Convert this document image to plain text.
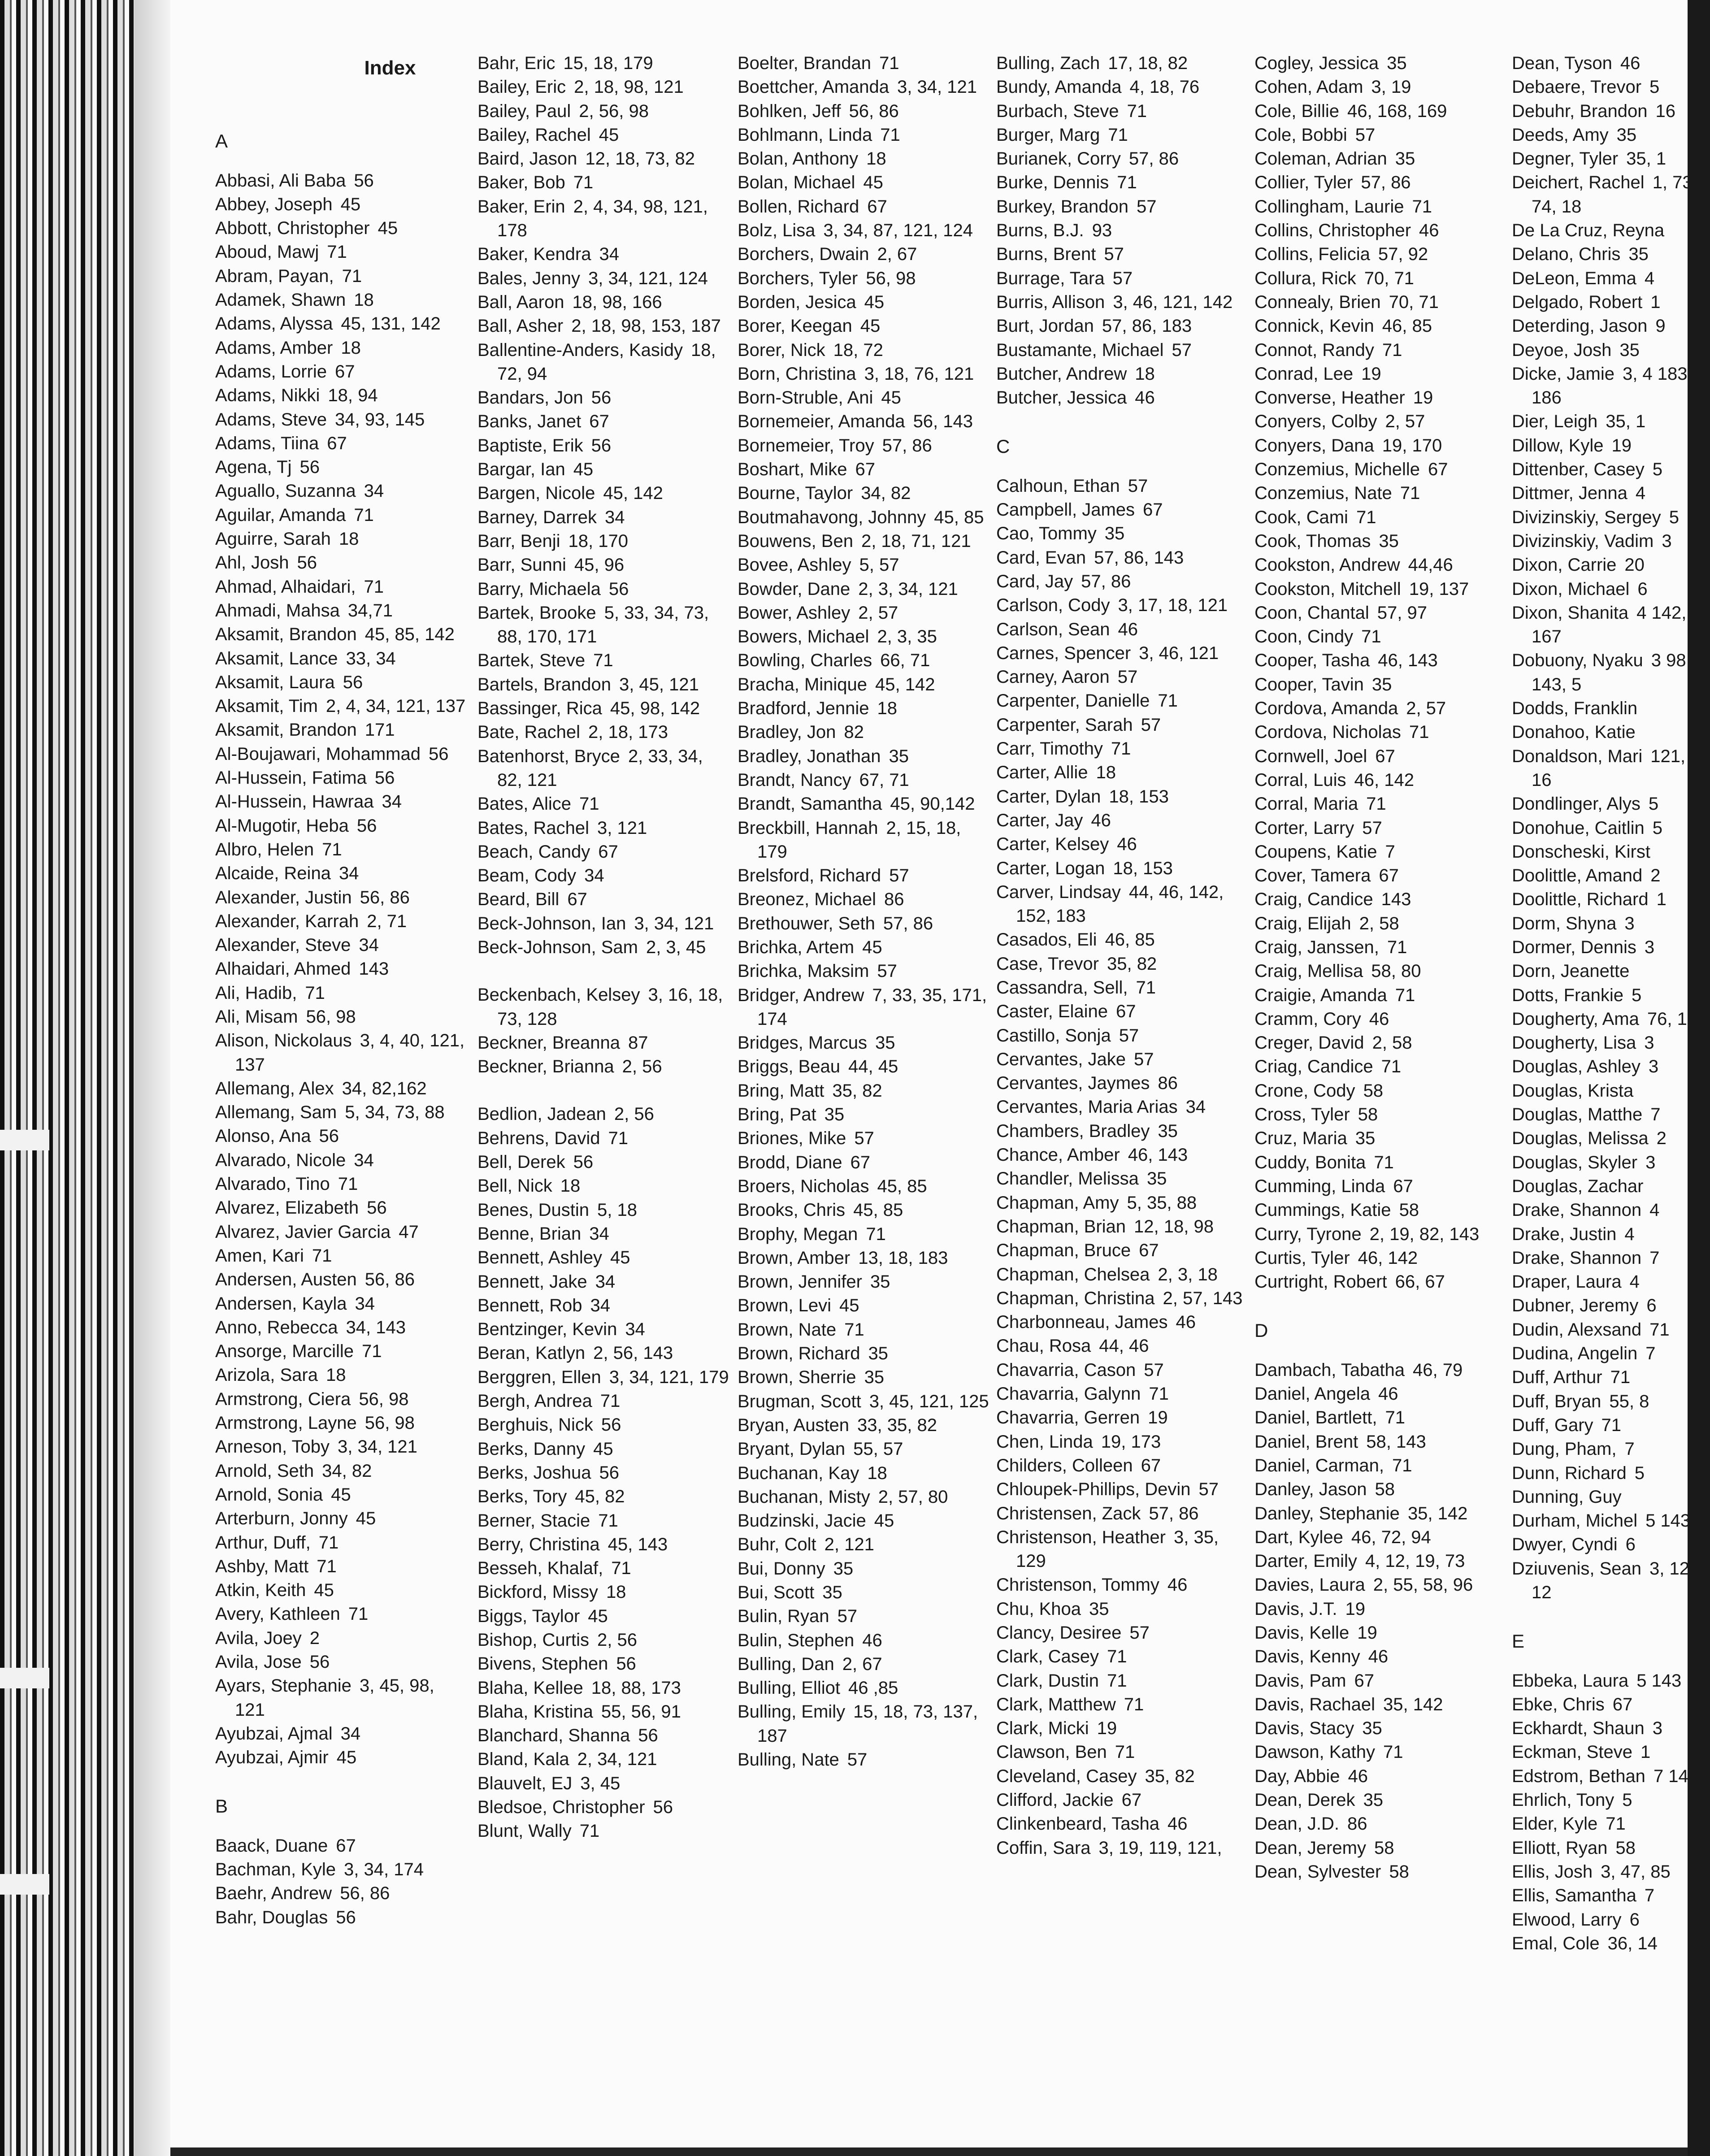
Index
A
Abbasi, Ali Baba 56
Abbey, Joseph 45
Abbott, Christopher 45
Aboud, Mawj 71
Abram, Payan, 71
Adamek, Shawn 18
Adams, Alyssa 45, 131, 142
Adams, Amber 18
Adams, Lorrie 67
Adams, Nikki 18, 94
Adams, Steve 34, 93, 145
Adams, Tiina 67
Agena, Tj 56
Aguallo, Suzanna 34
Aguilar, Amanda 71
Aguirre, Sarah 18
Ahl, Josh 56
Ahmad, Alhaidari, 71
Ahmadi, Mahsa 34,71
Aksamit, Brandon 45, 85, 142
Aksamit, Lance 33, 34
Aksamit, Laura 56
Aksamit, Tim 2, 4, 34, 121, 137
Aksamit, Brandon 171
Al-Boujawari, Mohammad 56
Al-Hussein, Fatima 56
Al-Hussein, Hawraa 34
Al-Mugotir, Heba 56
Albro, Helen 71
Alcaide, Reina 34
Alexander, Justin 56, 86
Alexander, Karrah 2, 71
Alexander, Steve 34
Alhaidari, Ahmed 143
Ali, Hadib, 71
Ali, Misam 56, 98
Alison, Nickolaus 3, 4, 40, 121, 137
Allemang, Alex 34, 82,162
Allemang, Sam 5, 34, 73, 88
Alonso, Ana 56
Alvarado, Nicole 34
Alvarado, Tino 71
Alvarez, Elizabeth 56
Alvarez, Javier Garcia 47
Amen, Kari 71
Andersen, Austen 56, 86
Andersen, Kayla 34
Anno, Rebecca 34, 143
Ansorge, Marcille 71
Arizola, Sara 18
Armstrong, Ciera 56, 98
Armstrong, Layne 56, 98
Arneson, Toby 3, 34, 121
Arnold, Seth 34, 82
Arnold, Sonia 45
Arterburn, Jonny 45
Arthur, Duff, 71
Ashby, Matt 71
Atkin, Keith 45
Avery, Kathleen 71
Avila, Joey 2
Avila, Jose 56
Ayars, Stephanie 3, 45, 98, 121
Ayubzai, Ajmal 34
Ayubzai, Ajmir 45
B
Baack, Duane 67
Bachman, Kyle 3, 34, 174
Baehr, Andrew 56, 86
Bahr, Douglas 56
Bahr, Eric 15, 18, 179
Bailey, Eric 2, 18, 98, 121
Bailey, Paul 2, 56, 98
Bailey, Rachel 45
Baird, Jason 12, 18, 73, 82
Baker, Bob 71
Baker, Erin 2, 4, 34, 98, 121, 178
Baker, Kendra 34
Bales, Jenny 3, 34, 121, 124
Ball, Aaron 18, 98, 166
Ball, Asher 2, 18, 98, 153, 187
Ballentine-Anders, Kasidy 18, 72, 94
Bandars, Jon 56
Banks, Janet 67
Baptiste, Erik 56
Bargar, Ian 45
Bargen, Nicole 45, 142
Barney, Darrek 34
Barr, Benji 18, 170
Barr, Sunni 45, 96
Barry, Michaela 56
Bartek, Brooke 5, 33, 34, 73, 88, 170, 171
Bartek, Steve 71
Bartels, Brandon 3, 45, 121
Bassinger, Rica 45, 98, 142
Bate, Rachel 2, 18, 173
Batenhorst, Bryce 2, 33, 34, 82, 121
Bates, Alice 71
Bates, Rachel 3, 121
Beach, Candy 67
Beam, Cody 34
Beard, Bill 67
Beck-Johnson, Ian 3, 34, 121
Beck-Johnson, Sam 2, 3, 45
Beckenbach, Kelsey 3, 16, 18, 73, 128
Beckner, Breanna 87
Beckner, Brianna 2, 56
Bedlion, Jadean 2, 56
Behrens, David 71
Bell, Derek 56
Bell, Nick 18
Benes, Dustin 5, 18
Benne, Brian 34
Bennett, Ashley 45
Bennett, Jake 34
Bennett, Rob 34
Bentzinger, Kevin 34
Beran, Katlyn 2, 56, 143
Berggren, Ellen 3, 34, 121, 179
Bergh, Andrea 71
Berghuis, Nick 56
Berks, Danny 45
Berks, Joshua 56
Berks, Tory 45, 82
Berner, Stacie 71
Berry, Christina 45, 143
Besseh, Khalaf, 71
Bickford, Missy 18
Biggs, Taylor 45
Bishop, Curtis 2, 56
Bivens, Stephen 56
Blaha, Kellee 18, 88, 173
Blaha, Kristina 55, 56, 91
Blanchard, Shanna 56
Bland, Kala 2, 34, 121
Blauvelt, EJ 3, 45
Bledsoe, Christopher 56
Blunt, Wally 71
Boelter, Brandan 71
Boettcher, Amanda 3, 34, 121
Bohlken, Jeff 56, 86
Bohlmann, Linda 71
Bolan, Anthony 18
Bolan, Michael 45
Bollen, Richard 67
Bolz, Lisa 3, 34, 87, 121, 124
Borchers, Dwain 2, 67
Borchers, Tyler 56, 98
Borden, Jesica 45
Borer, Keegan 45
Borer, Nick 18, 72
Born, Christina 3, 18, 76, 121
Born-Struble, Ani 45
Bornemeier, Amanda 56, 143
Bornemeier, Troy 57, 86
Boshart, Mike 67
Bourne, Taylor 34, 82
Boutmahavong, Johnny 45, 85
Bouwens, Ben 2, 18, 71, 121
Bovee, Ashley 5, 57
Bowder, Dane 2, 3, 34, 121
Bower, Ashley 2, 57
Bowers, Michael 2, 3, 35
Bowling, Charles 66, 71
Bracha, Minique 45, 142
Bradford, Jennie 18
Bradley, Jon 82
Bradley, Jonathan 35
Brandt, Nancy 67, 71
Brandt, Samantha 45, 90,142
Breckbill, Hannah 2, 15, 18, 179
Brelsford, Richard 57
Breonez, Michael 86
Brethouwer, Seth 57, 86
Brichka, Artem 45
Brichka, Maksim 57
Bridger, Andrew 7, 33, 35, 171, 174
Bridges, Marcus 35
Briggs, Beau 44, 45
Bring, Matt 35, 82
Bring, Pat 35
Briones, Mike 57
Brodd, Diane 67
Broers, Nicholas 45, 85
Brooks, Chris 45, 85
Brophy, Megan 71
Brown, Amber 13, 18, 183
Brown, Jennifer 35
Brown, Levi 45
Brown, Nate 71
Brown, Richard 35
Brown, Sherrie 35
Brugman, Scott 3, 45, 121, 125
Bryan, Austen 33, 35, 82
Bryant, Dylan 55, 57
Buchanan, Kay 18
Buchanan, Misty 2, 57, 80
Budzinski, Jacie 45
Buhr, Colt 2, 121
Bui, Donny 35
Bui, Scott 35
Bulin, Ryan 57
Bulin, Stephen 46
Bulling, Dan 2, 67
Bulling, Elliot 46 ,85
Bulling, Emily 15, 18, 73, 137, 187
Bulling, Nate 57
Bulling, Zach 17, 18, 82
Bundy, Amanda 4, 18, 76
Burbach, Steve 71
Burger, Marg 71
Burianek, Corry 57, 86
Burke, Dennis 71
Burkey, Brandon 57
Burns, B.J. 93
Burns, Brent 57
Burrage, Tara 57
Burris, Allison 3, 46, 121, 142
Burt, Jordan 57, 86, 183
Bustamante, Michael 57
Butcher, Andrew 18
Butcher, Jessica 46
C
Calhoun, Ethan 57
Campbell, James 67
Cao, Tommy 35
Card, Evan 57, 86, 143
Card, Jay 57, 86
Carlson, Cody 3, 17, 18, 121
Carlson, Sean 46
Carnes, Spencer 3, 46, 121
Carney, Aaron 57
Carpenter, Danielle 71
Carpenter, Sarah 57
Carr, Timothy 71
Carter, Allie 18
Carter, Dylan 18, 153
Carter, Jay 46
Carter, Kelsey 46
Carter, Logan 18, 153
Carver, Lindsay 44, 46, 142, 152, 183
Casados, Eli 46, 85
Case, Trevor 35, 82
Cassandra, Sell, 71
Caster, Elaine 67
Castillo, Sonja 57
Cervantes, Jake 57
Cervantes, Jaymes 86
Cervantes, Maria Arias 34
Chambers, Bradley 35
Chance, Amber 46, 143
Chandler, Melissa 35
Chapman, Amy 5, 35, 88
Chapman, Brian 12, 18, 98
Chapman, Bruce 67
Chapman, Chelsea 2, 3, 18
Chapman, Christina 2, 57, 143
Charbonneau, James 46
Chau, Rosa 44, 46
Chavarria, Cason 57
Chavarria, Galynn 71
Chavarria, Gerren 19
Chen, Linda 19, 173
Childers, Colleen 67
Chloupek-Phillips, Devin 57
Christensen, Zack 57, 86
Christenson, Heather 3, 35, 129
Christenson, Tommy 46
Chu, Khoa 35
Clancy, Desiree 57
Clark, Casey 71
Clark, Dustin 71
Clark, Matthew 71
Clark, Micki 19
Clawson, Ben 71
Cleveland, Casey 35, 82
Clifford, Jackie 67
Clinkenbeard, Tasha 46
Coffin, Sara 3, 19, 119, 121,
Cogley, Jessica 35
Cohen, Adam 3, 19
Cole, Billie 46, 168, 169
Cole, Bobbi 57
Coleman, Adrian 35
Collier, Tyler 57, 86
Collingham, Laurie 71
Collins, Christopher 46
Collins, Felicia 57, 92
Collura, Rick 70, 71
Connealy, Brien 70, 71
Connick, Kevin 46, 85
Connot, Randy 71
Conrad, Lee 19
Converse, Heather 19
Conyers, Colby 2, 57
Conyers, Dana 19, 170
Conzemius, Michelle 67
Conzemius, Nate 71
Cook, Cami 71
Cook, Thomas 35
Cookston, Andrew 44,46
Cookston, Mitchell 19, 137
Coon, Chantal 57, 97
Coon, Cindy 71
Cooper, Tasha 46, 143
Cooper, Tavin 35
Cordova, Amanda 2, 57
Cordova, Nicholas 71
Cornwell, Joel 67
Corral, Luis 46, 142
Corral, Maria 71
Corter, Larry 57
Coupens, Katie 7
Cover, Tamera 67
Craig, Candice 143
Craig, Elijah 2, 58
Craig, Janssen, 71
Craig, Mellisa 58, 80
Craigie, Amanda 71
Cramm, Cory 46
Creger, David 2, 58
Criag, Candice 71
Crone, Cody 58
Cross, Tyler 58
Cruz, Maria 35
Cuddy, Bonita 71
Cumming, Linda 67
Cummings, Katie 58
Curry, Tyrone 2, 19, 82, 143
Curtis, Tyler 46, 142
Curtright, Robert 66, 67
D
Dambach, Tabatha 46, 79
Daniel, Angela 46
Daniel, Bartlett, 71
Daniel, Brent 58, 143
Daniel, Carman, 71
Danley, Jason 58
Danley, Stephanie 35, 142
Dart, Kylee 46, 72, 94
Darter, Emily 4, 12, 19, 73
Davies, Laura 2, 55, 58, 96
Davis, J.T. 19
Davis, Kelle 19
Davis, Kenny 46
Davis, Pam 67
Davis, Rachael 35, 142
Davis, Stacy 35
Dawson, Kathy 71
Day, Abbie 46
Dean, Derek 35
Dean, J.D. 86
Dean, Jeremy 58
Dean, Sylvester 58
Dean, Tyson 46
Debaere, Trevor 5
Debuhr, Brandon 16
Deeds, Amy 35
Degner, Tyler 35, 1
Deichert, Rachel 1, 73, 74, 18
De La Cruz, Reyna
Delano, Chris 35
DeLeon, Emma 4
Delgado, Robert 1
Deterding, Jason 9
Deyoe, Josh 35
Dicke, Jamie 3, 4 183, 186
Dier, Leigh 35, 1
Dillow, Kyle 19
Dittenber, Casey 5
Dittmer, Jenna 4
Divizinskiy, Sergey 5
Divizinskiy, Vadim 3
Dixon, Carrie 20
Dixon, Michael 6
Dixon, Shanita 4 142, 167
Dobuony, Nyaku 3 98, 143, 5
Dodds, Franklin
Donahoo, Katie
Donaldson, Mari 121, 16
Dondlinger, Alys 5
Donohue, Caitlin 5
Donscheski, Kirst
Doolittle, Amand 2
Doolittle, Richard 1
Dorm, Shyna 3
Dormer, Dennis 3
Dorn, Jeanette
Dotts, Frankie 5
Dougherty, Ama 76, 183
Dougherty, Lisa 3
Douglas, Ashley 3
Douglas, Krista
Douglas, Matthe 7
Douglas, Melissa 2
Douglas, Skyler 3
Douglas, Zachar
Drake, Shannon 4
Drake, Justin 4
Drake, Shannon 7
Draper, Laura 4
Dubner, Jeremy 6
Dudin, Alexsand 71
Dudina, Angelin 7
Duff, Arthur 71
Duff, Bryan 55, 8
Duff, Gary 71
Dung, Pham, 7
Dunn, Richard 5
Dunning, Guy
Durham, Michel 5 143
Dwyer, Cyndi 6
Dziuvenis, Sean 3, 121, 12
E
Ebbeka, Laura 5 143
Ebke, Chris 67
Eckhardt, Shaun 3
Eckman, Steve 1
Edstrom, Bethan 7 142
Ehrlich, Tony 5
Elder, Kyle 71
Elliott, Ryan 58
Ellis, Josh 3, 47, 85
Ellis, Samantha 7
Elwood, Larry 6
Emal, Cole 36, 14
